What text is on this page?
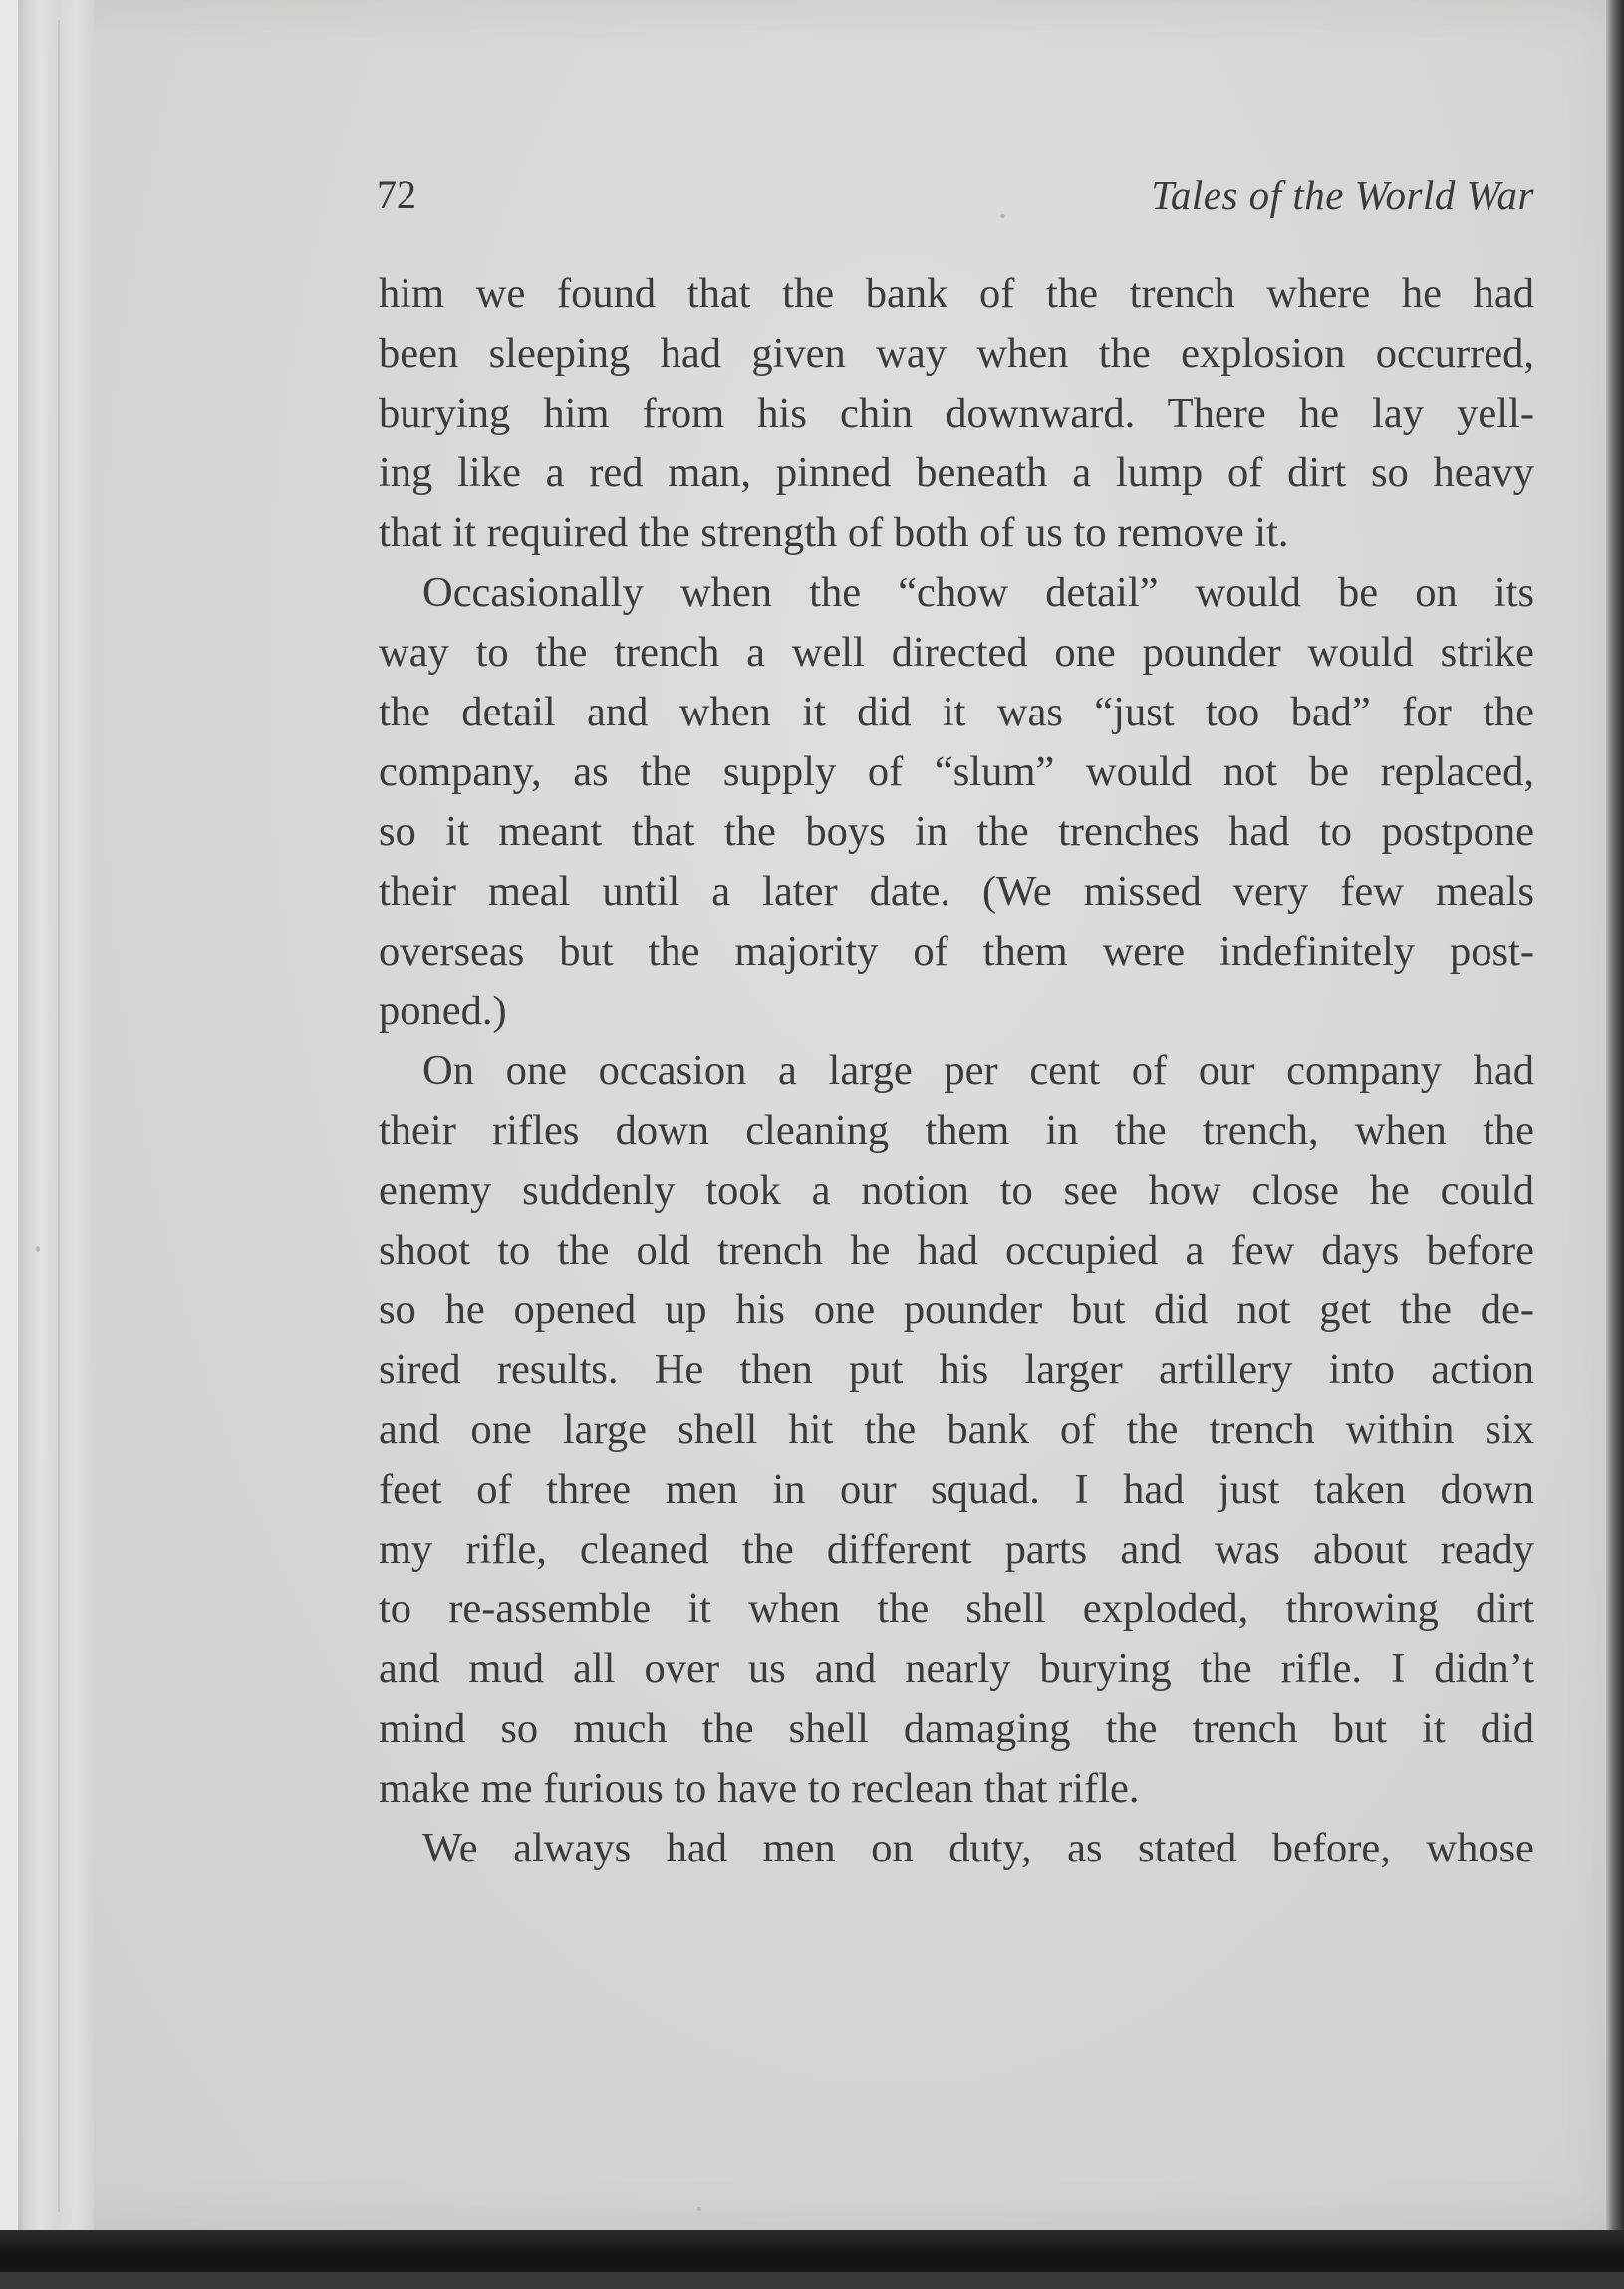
72	Tales of the World War
him we found that the bank of the trench where he had
been sleeping had given way when the explosion occurred,
burying him from his chin downward. There he lay yell-
ing like a red man, pinned beneath a lump of dirt so heavy
that it required the strength of both of us to remove it.
Occasionally when the “chow detail” would be on its
way to the trench a well directed one pounder would strike
the detail and when it did it was “just too bad” for the
company, as the supply of “slum” would not be replaced,
so it meant that the boys in the trenches had to postpone
their meal until a later date. (We missed very few meals
overseas but the majority of them were indefinitely post-
poned.)
On one occasion a large per cent of our company had
their rifles down cleaning them in the trench, when the
enemy suddenly took a notion to see how close he could
shoot to the old trench he had occupied a few days before
so he opened up his one pounder but did not get the de-
sired results. He then put his larger artillery into action
and one large shell hit the bank of the trench within six
feet of three men in our squad. I had just taken down
my rifle, cleaned the different parts and was about ready
to re-assemble it when the shell exploded, throwing dirt
and mud all over us and nearly burying the rifle. I didn’t
mind so much the shell damaging the trench but it did
make me furious to have to reclean that rifle.
We always had men on duty, as stated before, whose
